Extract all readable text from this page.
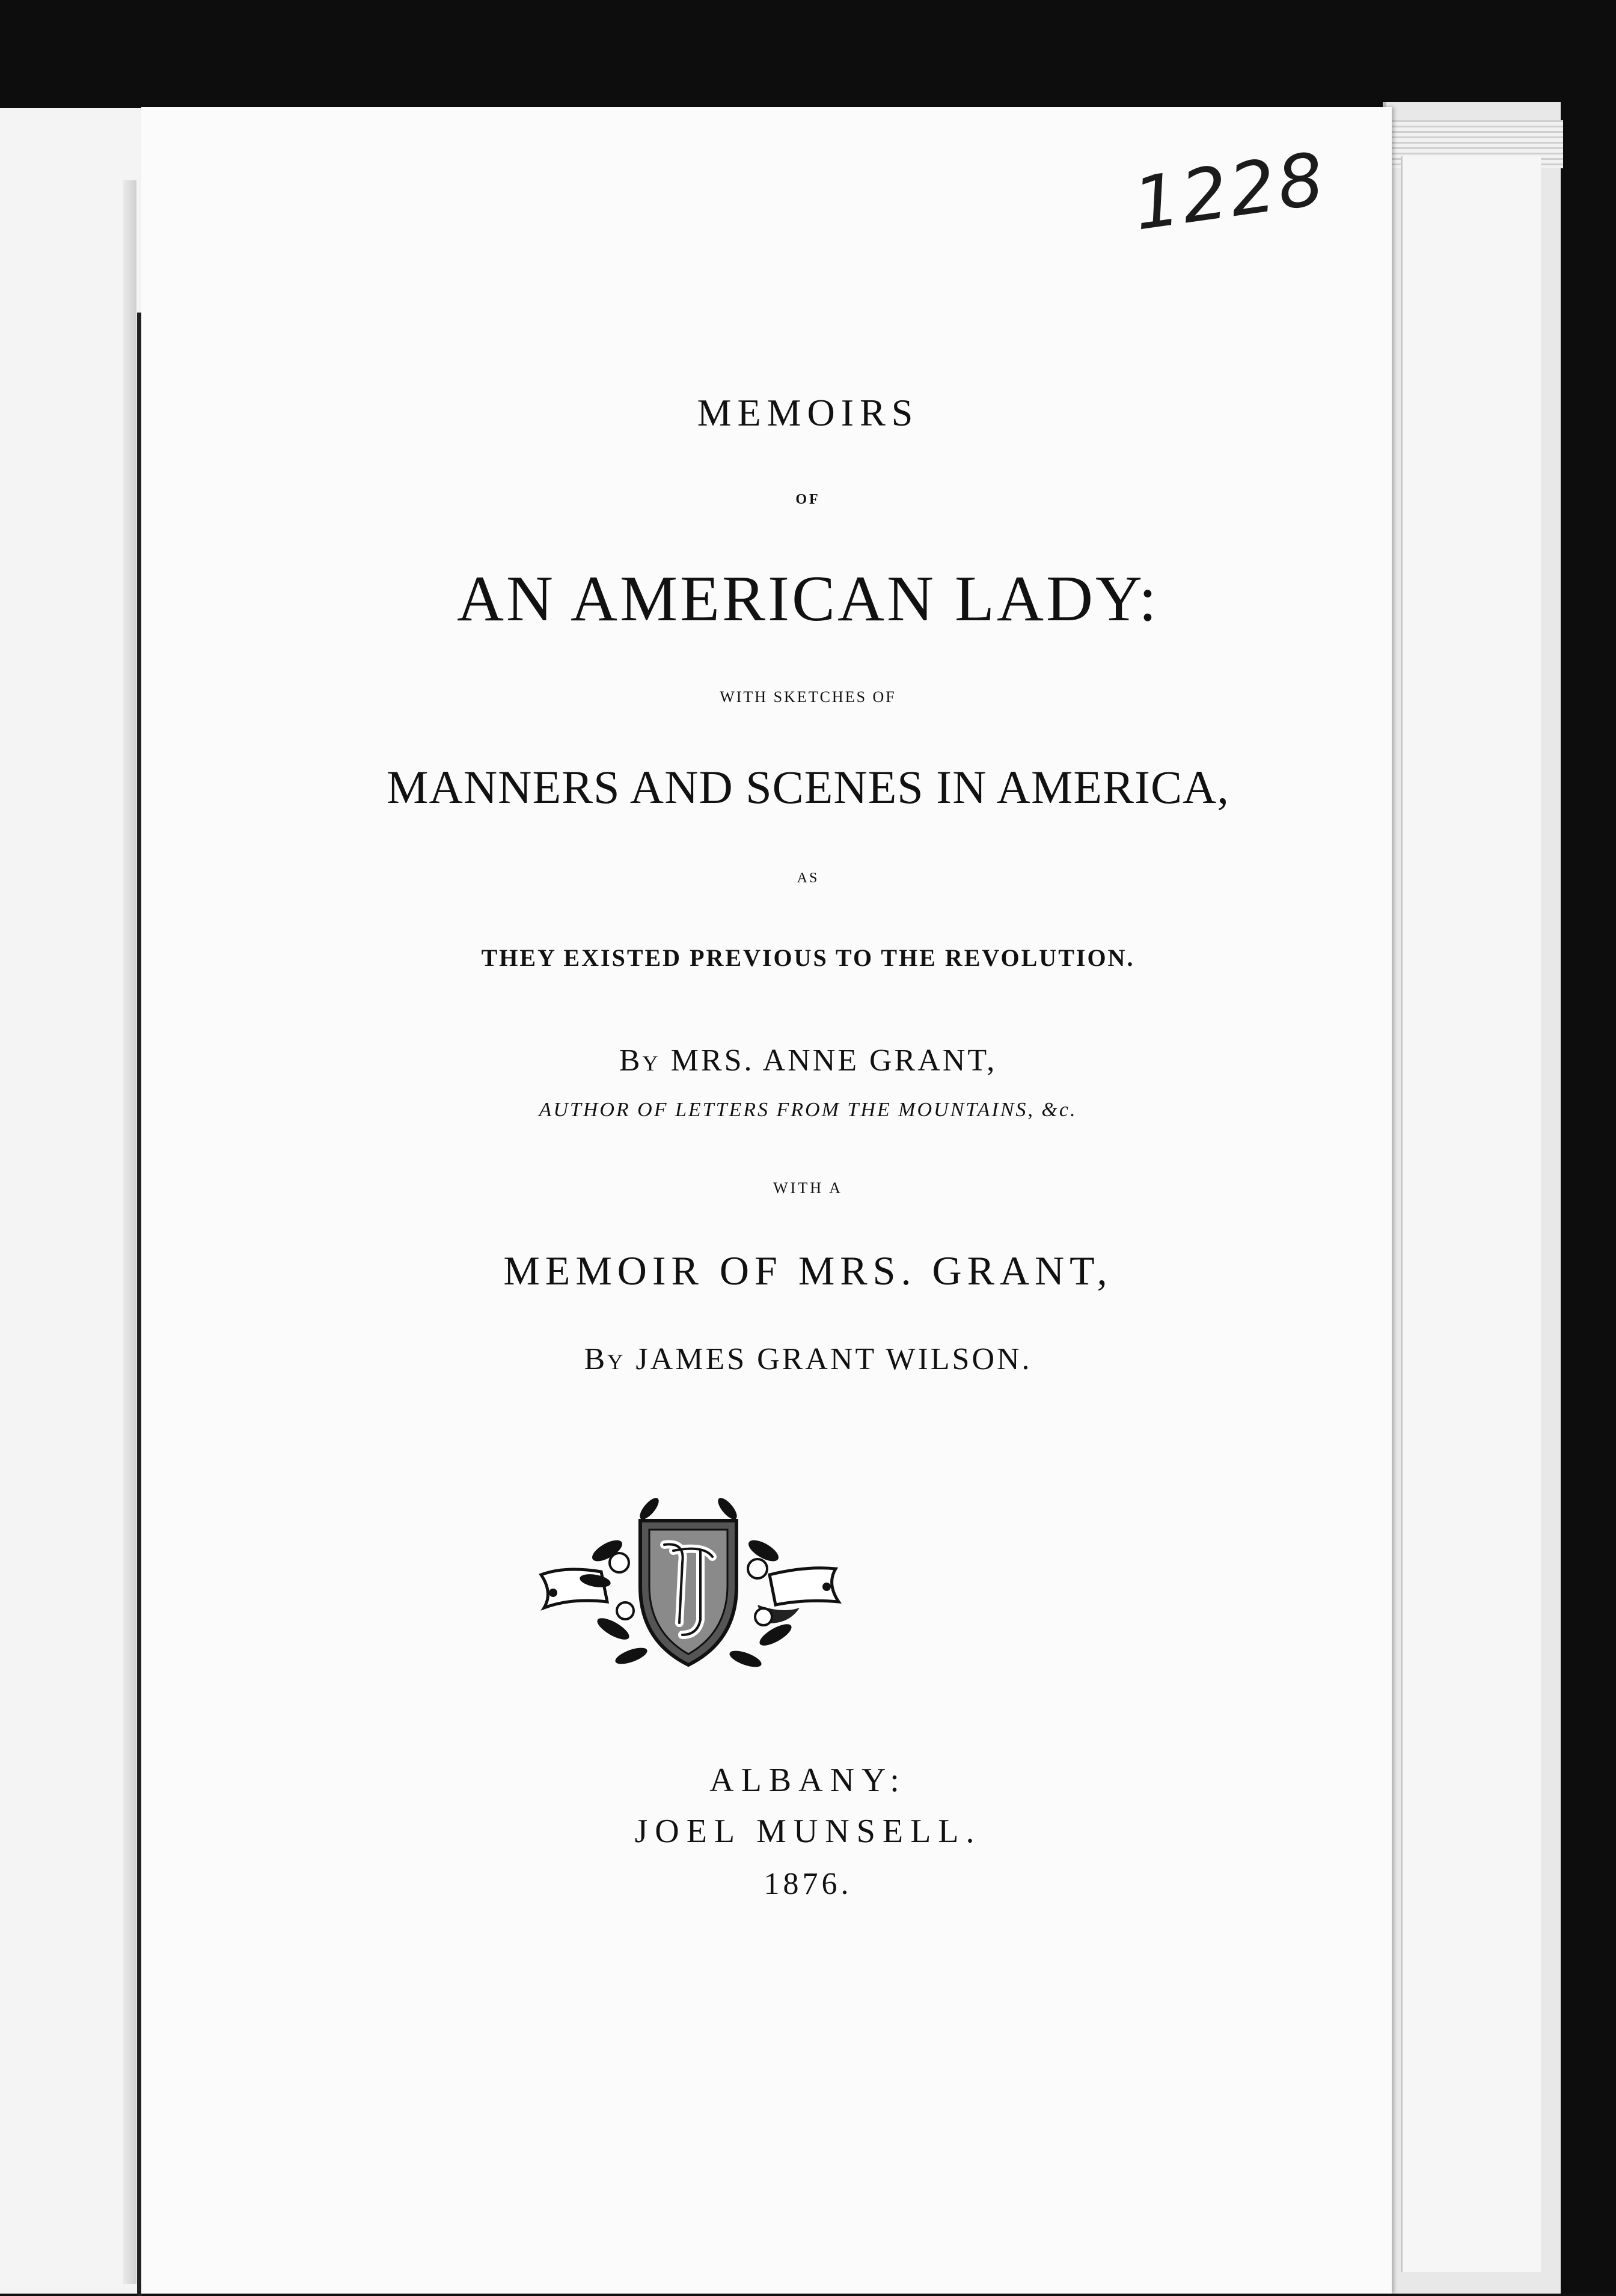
1228
MEMOIRS
OF
AN AMERICAN LADY:
WITH SKETCHES OF
MANNERS AND SCENES IN AMERICA,
AS
THEY EXISTED PREVIOUS TO THE REVOLUTION.
BY MRS. ANNE GRANT,
AUTHOR OF LETTERS FROM THE MOUNTAINS, &c.
WITH A
MEMOIR OF MRS. GRANT,
BY JAMES GRANT WILSON.
ALBANY:
JOEL MUNSELL.
1876.
